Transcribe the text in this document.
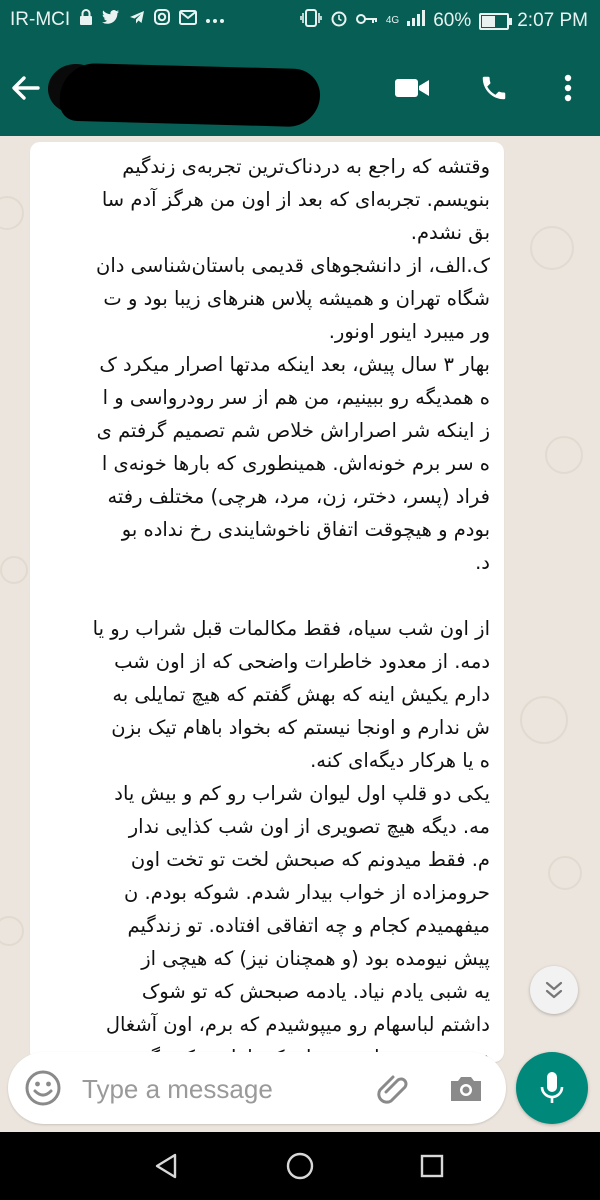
IR-MCI	4G 60% 2:07 PM
وقتشه که راجع به دردناک‌ترین تجربه‌ی زندگیم
بنویسم. تجربه‌ای که بعد از اون من هرگز آدم سا
بق نشدم.
ک.الف، از دانشجوهای قدیمی باستان‌شناسی دان
شگاه تهران و همیشه پلاس هنرهای زیبا بود و ت
ور میبرد اینور اونور.
بهار ۳ سال پیش، بعد اینکه مدتها اصرار میکرد ک
ه همدیگه رو ببینیم، من هم از سر رودرواسی و ا
ز اینکه شر اصراراش خلاص شم تصمیم گرفتم ی
ه سر برم خونه‌اش. همینطوری که بارها خونه‌ی ا
فراد (پسر، دختر، زن، مرد، هرچی) مختلف رفته
بودم و هیچوقت اتفاق ناخوشایندی رخ نداده بو
د.

از اون شب سیاه، فقط مکالمات قبل شراب رو یا
دمه. از معدود خاطرات واضحی که از اون شب
دارم یکیش اینه که بهش گفتم که هیچ تمایلی به
ش ندارم و اونجا نیستم که بخواد باهام تیک بزن
ه یا هرکار دیگه‌ای کنه.
یکی دو قلپ اول لیوان شراب رو کم و بیش یاد
مه. دیگه هیچ تصویری از اون شب کذایی ندار
م. فقط میدونم که صبحش لخت تو تخت اون
حرومزاده از خواب بیدار شدم. شوکه بودم. ن
میفهمیدم کجام و چه اتفاقی افتاده. تو زندگیم
پیش نیومده بود (و همچنان نیز) که هیچی از
یه شبی یادم نیاد. یادمه صبحش که تو شوک
داشتم لباسهام رو میپوشیدم که برم، اون آشغال

Type a message
